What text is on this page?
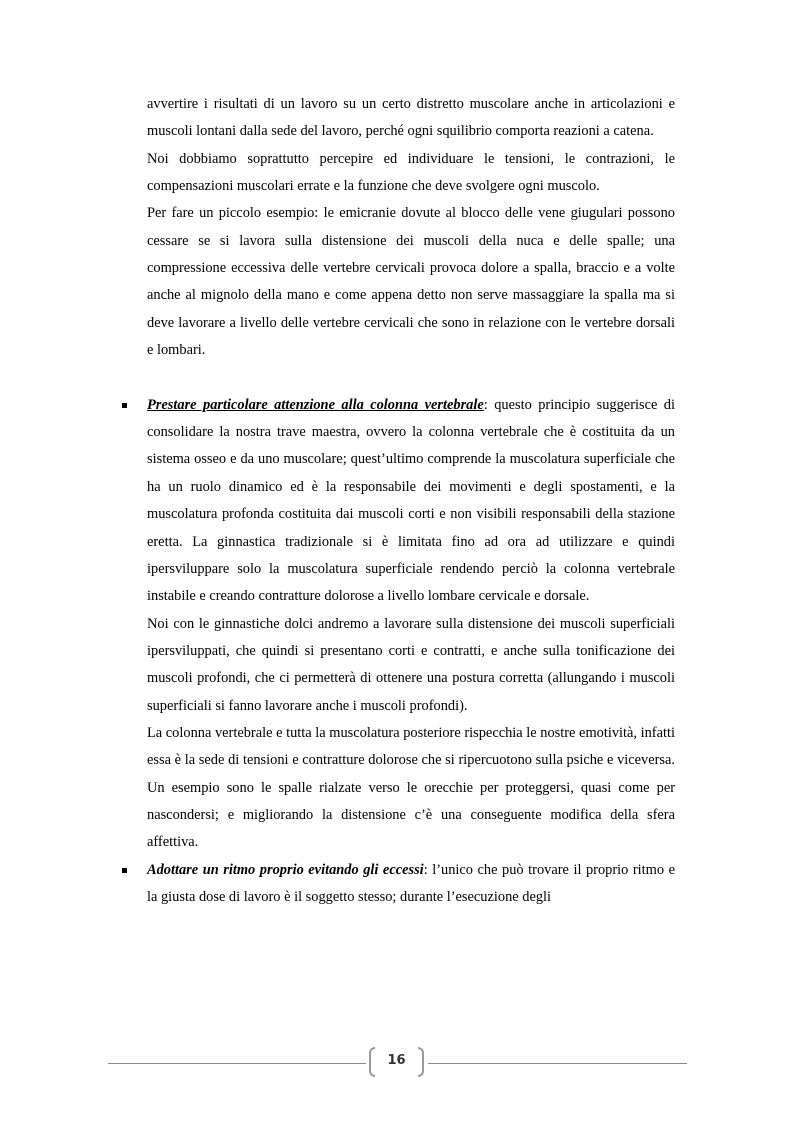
avvertire i risultati di un lavoro su un certo distretto muscolare anche in articolazioni e muscoli lontani dalla sede del lavoro, perché ogni squilibrio comporta reazioni a catena.

Noi dobbiamo soprattutto percepire ed individuare le tensioni, le contrazioni, le compensazioni muscolari errate e la funzione che deve svolgere ogni muscolo.

Per fare un piccolo esempio: le emicranie dovute al blocco delle vene giugulari possono cessare se si lavora sulla distensione dei muscoli della nuca e delle spalle; una compressione eccessiva delle vertebre cervicali provoca dolore a spalla, braccio e a volte anche al mignolo della mano e come appena detto non serve massaggiare la spalla ma si deve lavorare a livello delle vertebre cervicali che sono in relazione con le vertebre dorsali e lombari.

Prestare particolare attenzione alla colonna vertebrale: questo principio suggerisce di consolidare la nostra trave maestra, ovvero la colonna vertebrale che è costituita da un sistema osseo e da uno muscolare; quest’ultimo comprende la muscolatura superficiale che ha un ruolo dinamico ed è la responsabile dei movimenti e degli spostamenti, e la muscolatura profonda costituita dai muscoli corti e non visibili responsabili della stazione eretta. La ginnastica tradizionale si è limitata fino ad ora ad utilizzare e quindi ipersviluppare solo la muscolatura superficiale rendendo perciò la colonna vertebrale instabile e creando contratture dolorose a livello lombare cervicale e dorsale.

Noi con le ginnastiche dolci andremo a lavorare sulla distensione dei muscoli superficiali ipersviluppati, che quindi si presentano corti e contratti, e anche sulla tonificazione dei muscoli profondi, che ci permetterà di ottenere una postura corretta (allungando i muscoli superficiali si fanno lavorare anche i muscoli profondi).

La colonna vertebrale e tutta la muscolatura posteriore rispecchia le nostre emotività, infatti essa è la sede di tensioni e contratture dolorose che si ripercuotono sulla psiche e viceversa. Un esempio sono le spalle rialzate verso le orecchie per proteggersi, quasi come per nascondersi; e migliorando la distensione c’è una conseguente modifica della sfera affettiva.

Adottare un ritmo proprio evitando gli eccessi: l’unico che può trovare il proprio ritmo e la giusta dose di lavoro è il soggetto stesso; durante l’esecuzione degli

16
